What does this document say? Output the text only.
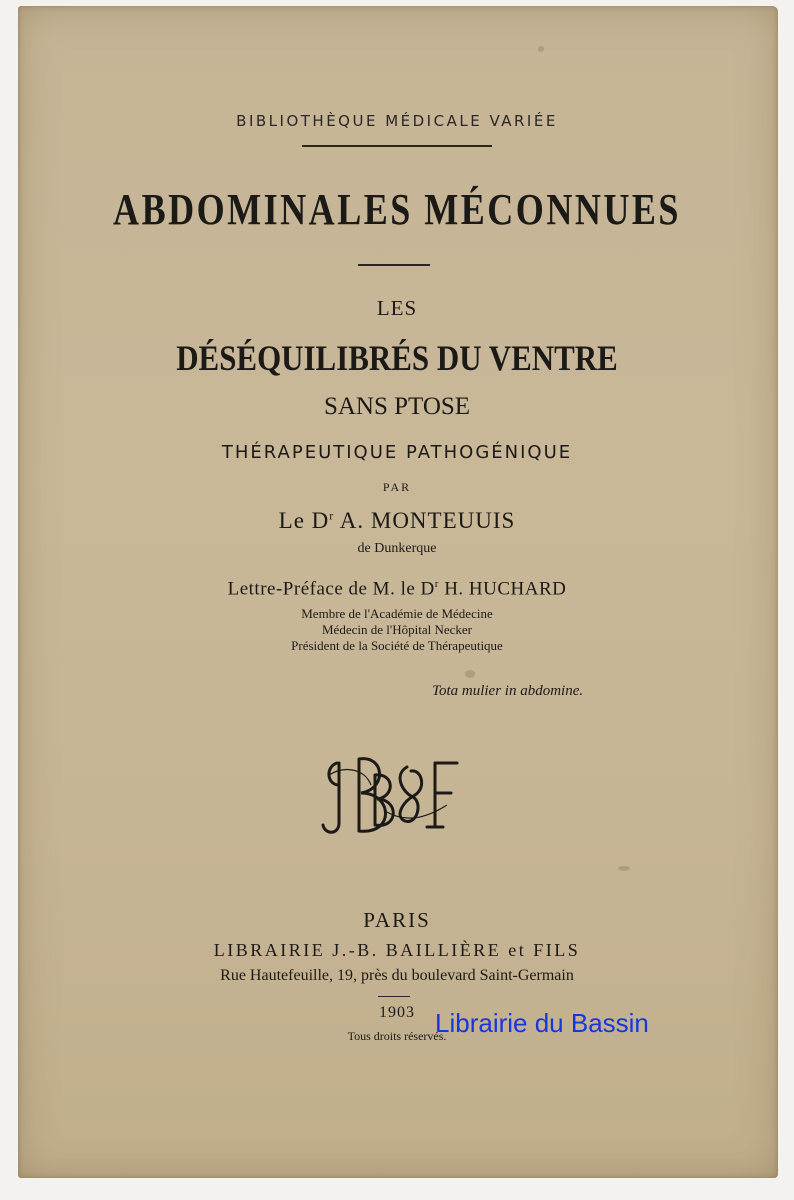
BIBLIOTHÈQUE MÉDICALE VARIÉE
ABDOMINALES MÉCONNUES
LES
DÉSÉQUILIBRÉS DU VENTRE
SANS PTOSE
THÉRAPEUTIQUE PATHOGÉNIQUE
PAR
Le $D^r$ A. MONTEUUIS
de Dunkerque
Lettre-Préface de M. le $D^r$ H. HUCHARD
Membre de l'Académie de Médecine
Médecin de l'Hôpital Necker
Président de la Société de Thérapeutique
Tota mulier in abdomine.
PARIS
LIBRAIRIE J.-B. BAILLIÈRE et FILS
Rue Hautefeuille, 19, près du boulevard Saint-Germain
1903
Tous droits réservés.
Librairie du Bassin
